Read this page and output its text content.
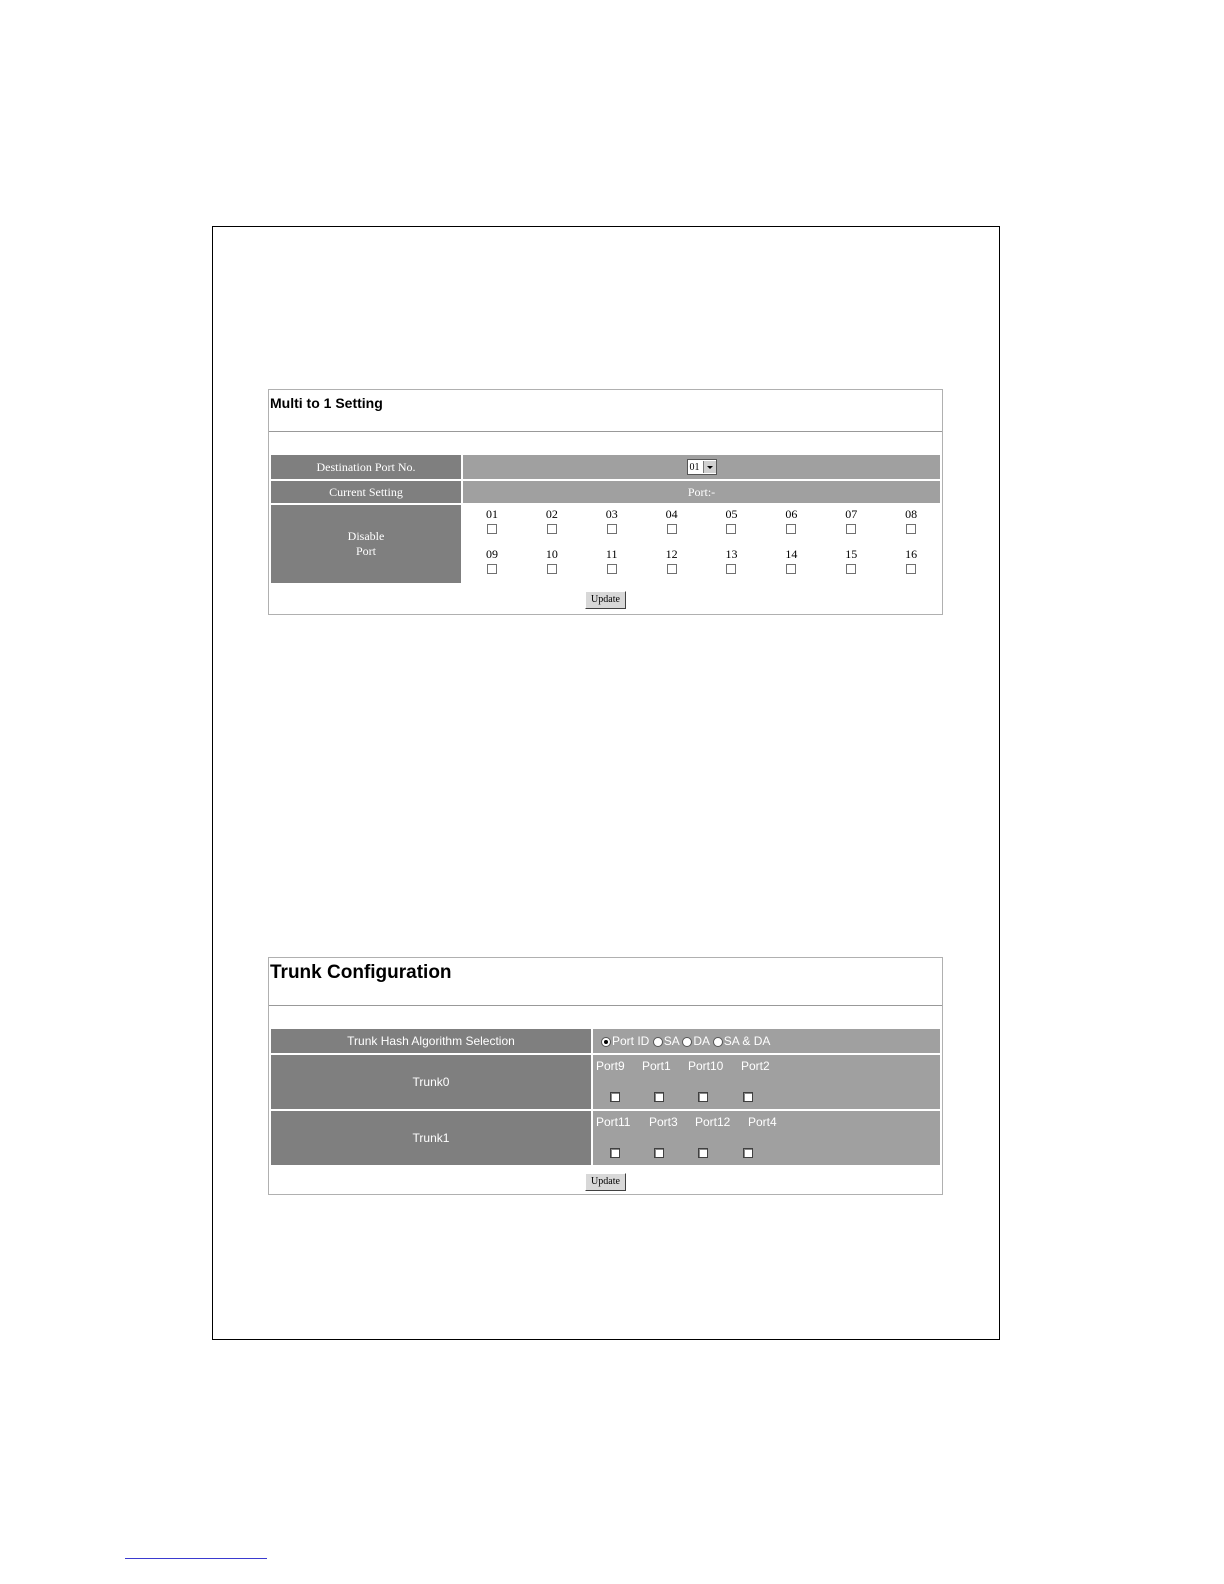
Multi to 1 Setting
Destination Port No.	01							

Current Setting	Port:-							

Disable
Port	01	02	03	04	05	06	07	08

	09	10	11	12	13	14	15	16

Update								
Trunk Configuration
Trunk Hash Algorithm Selection	Port ID SA DA SA & DA
Trunk0	Port9 Port1 Port10 Port2

Trunk1	Port11 Port3 Port12 Port4

Update	
